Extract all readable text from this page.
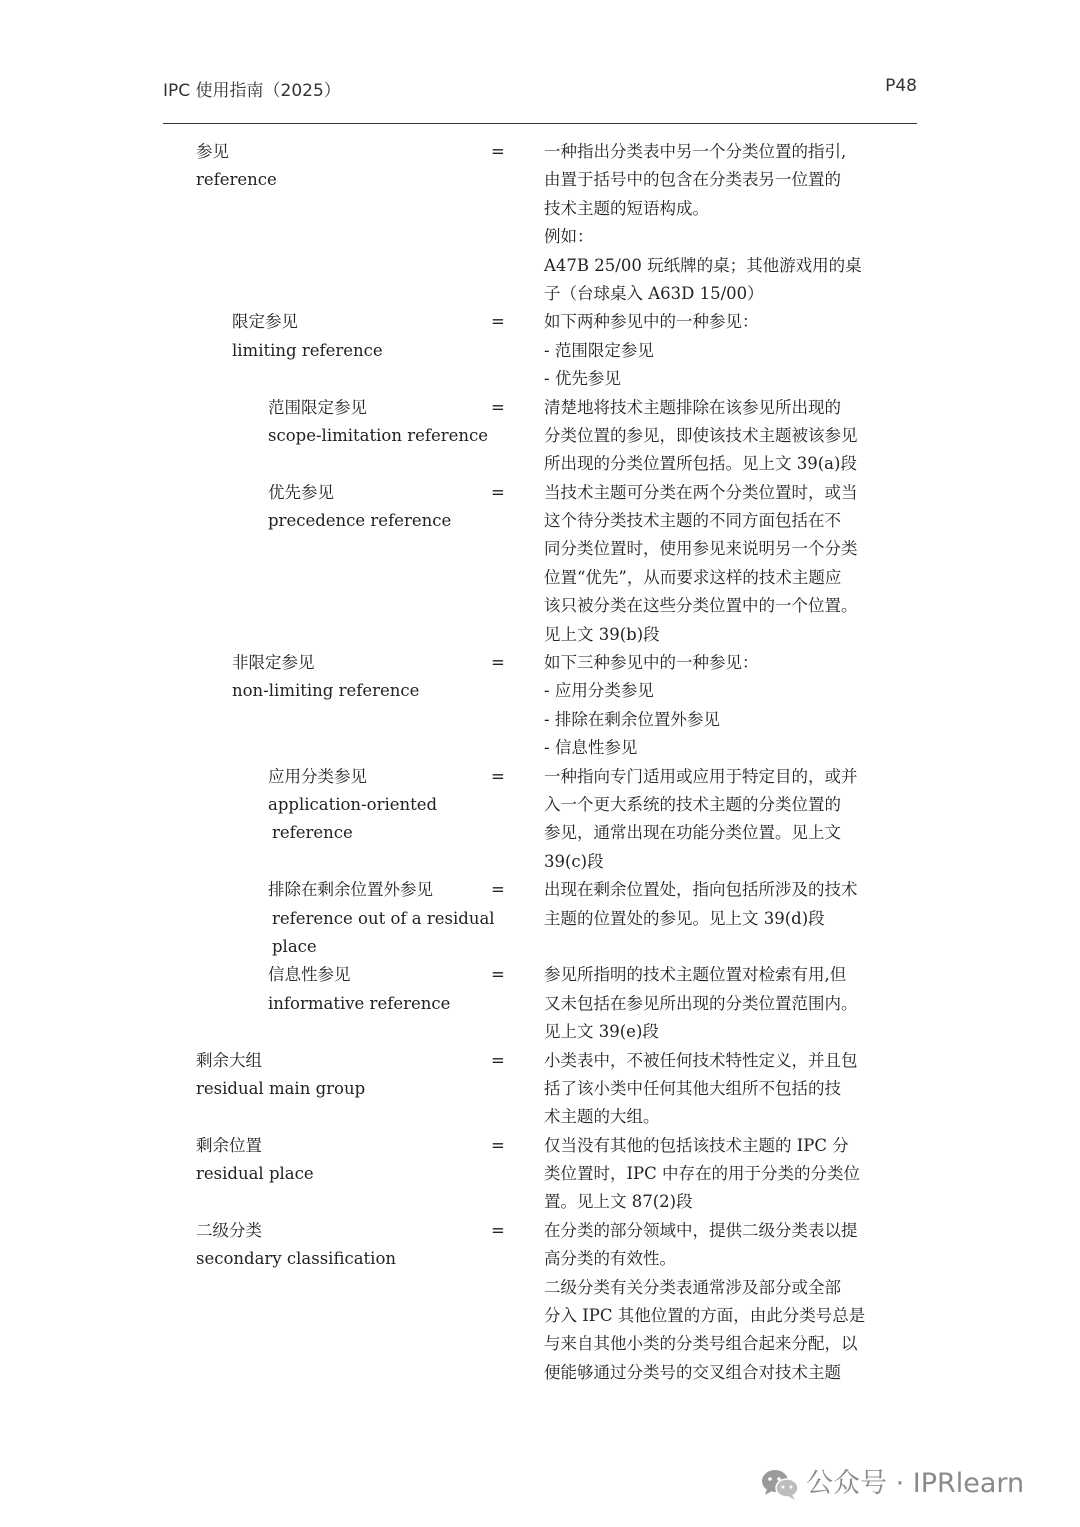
IPC 使用指南（2025）	P48
参见
reference
= 一种指出分类表中另一个分类位置的指引,
由置于括号中的包含在分类表另一位置的
技术主题的短语构成。
例如：
A47B 25/00 玩纸牌的桌；其他游戏用的桌
子（台球桌入 A63D 15/00）
限定参见
limiting reference
= 如下两种参见中的一种参见：
- 范围限定参见
- 优先参见
范围限定参见
scope-limitation reference
= 清楚地将技术主题排除在该参见所出现的
分类位置的参见，即使该技术主题被该参见
所出现的分类位置所包括。见上文 39(a)段
优先参见
precedence reference
= 当技术主题可分类在两个分类位置时，或当
这个待分类技术主题的不同方面包括在不
同分类位置时，使用参见来说明另一个分类
位置“优先”，从而要求这样的技术主题应
该只被分类在这些分类位置中的一个位置。
见上文 39(b)段
非限定参见
non-limiting reference
= 如下三种参见中的一种参见：
- 应用分类参见
- 排除在剩余位置外参见
- 信息性参见
应用分类参见
application-oriented
reference
= 一种指向专门适用或应用于特定目的，或并
入一个更大系统的技术主题的分类位置的
参见，通常出现在功能分类位置。见上文
39(c)段
排除在剩余位置外参见
reference out of a residual
place
= 出现在剩余位置处，指向包括所涉及的技术
主题的位置处的参见。见上文 39(d)段
信息性参见
informative reference
= 参见所指明的技术主题位置对检索有用,但
又未包括在参见所出现的分类位置范围内。
见上文 39(e)段
剩余大组
residual main group
= 小类表中，不被任何技术特性定义，并且包
括了该小类中任何其他大组所不包括的技
术主题的大组。
剩余位置
residual place
= 仅当没有其他的包括该技术主题的 IPC 分
类位置时，IPC 中存在的用于分类的分类位
置。见上文 87(2)段
二级分类
secondary classification
= 在分类的部分领域中，提供二级分类表以提
高分类的有效性。
二级分类有关分类表通常涉及部分或全部
分入 IPC 其他位置的方面，由此分类号总是
与来自其他小类的分类号组合起来分配，以
便能够通过分类号的交叉组合对技术主题
公众号 · IPRlearn
